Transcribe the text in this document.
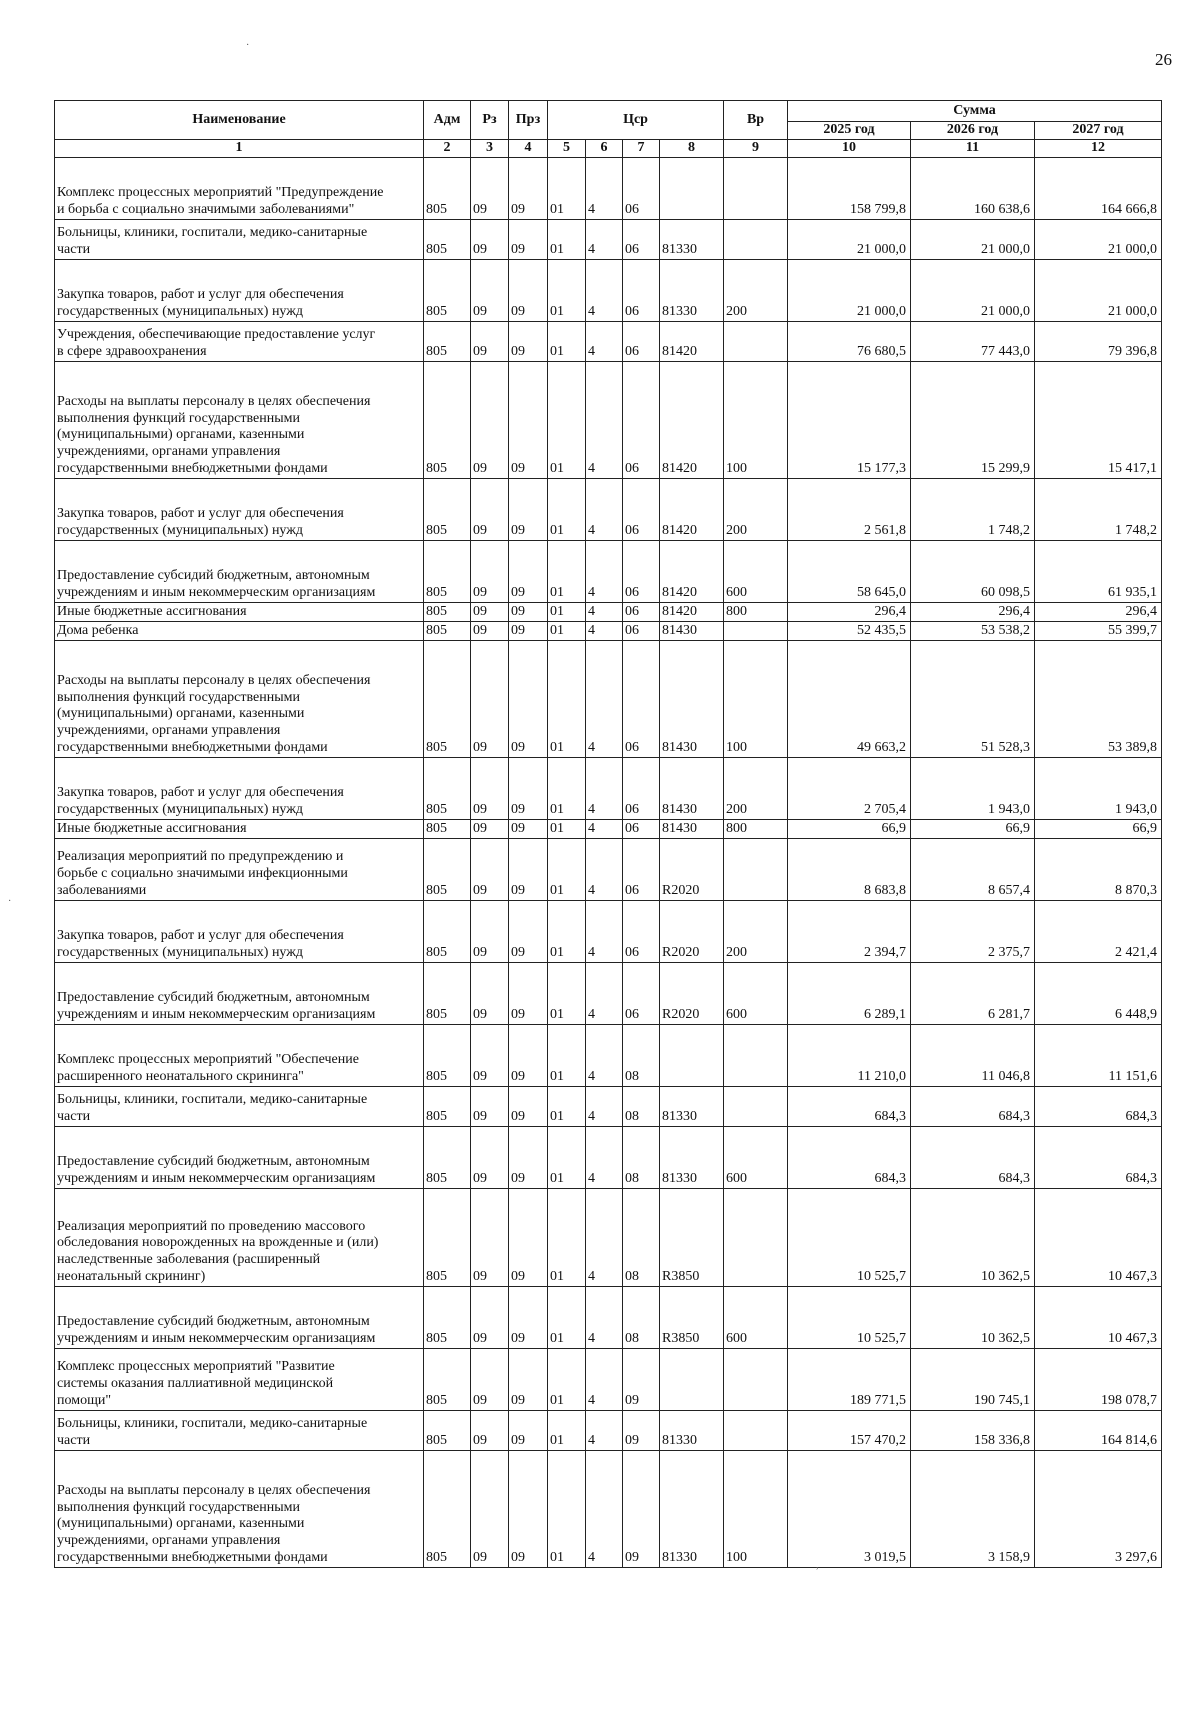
26
Наименование	Адм	Рз	Прз	Цср				Вр	Сумма		
									2025 год	2026 год	2027 год
1	2	3	4	5	6	7	8	9	10	11	12
Комплекс процессных мероприятий "Предупреждение
и борьба с социально значимыми заболеваниями"	805	09	09	01	4	06			158 799,8	160 638,6	164 666,8
Больницы, клиники, госпитали, медико-санитарные
части	805	09	09	01	4	06	81330		21 000,0	21 000,0	21 000,0
Закупка товаров, работ и услуг для обеспечения
государственных (муниципальных) нужд	805	09	09	01	4	06	81330	200	21 000,0	21 000,0	21 000,0
Учреждения, обеспечивающие предоставление услуг
в сфере здравоохранения	805	09	09	01	4	06	81420		76 680,5	77 443,0	79 396,8
Расходы на выплаты персоналу в целях обеспечения
выполнения функций государственными
(муниципальными) органами, казенными
учреждениями, органами управления
государственными внебюджетными фондами	805	09	09	01	4	06	81420	100	15 177,3	15 299,9	15 417,1
Закупка товаров, работ и услуг для обеспечения
государственных (муниципальных) нужд	805	09	09	01	4	06	81420	200	2 561,8	1 748,2	1 748,2
Предоставление субсидий бюджетным, автономным
учреждениям и иным некоммерческим организациям	805	09	09	01	4	06	81420	600	58 645,0	60 098,5	61 935,1
Иные бюджетные ассигнования	805	09	09	01	4	06	81420	800	296,4	296,4	296,4
Дома ребенка	805	09	09	01	4	06	81430		52 435,5	53 538,2	55 399,7
Расходы на выплаты персоналу в целях обеспечения
выполнения функций государственными
(муниципальными) органами, казенными
учреждениями, органами управления
государственными внебюджетными фондами	805	09	09	01	4	06	81430	100	49 663,2	51 528,3	53 389,8
Закупка товаров, работ и услуг для обеспечения
государственных (муниципальных) нужд	805	09	09	01	4	06	81430	200	2 705,4	1 943,0	1 943,0
Иные бюджетные ассигнования	805	09	09	01	4	06	81430	800	66,9	66,9	66,9
Реализация мероприятий по предупреждению и
борьбе с социально значимыми инфекционными
заболеваниями	805	09	09	01	4	06	R2020		8 683,8	8 657,4	8 870,3
Закупка товаров, работ и услуг для обеспечения
государственных (муниципальных) нужд	805	09	09	01	4	06	R2020	200	2 394,7	2 375,7	2 421,4
Предоставление субсидий бюджетным, автономным
учреждениям и иным некоммерческим организациям	805	09	09	01	4	06	R2020	600	6 289,1	6 281,7	6 448,9
Комплекс процессных мероприятий "Обеспечение
расширенного неонатального скрининга"	805	09	09	01	4	08			11 210,0	11 046,8	11 151,6
Больницы, клиники, госпитали, медико-санитарные
части	805	09	09	01	4	08	81330		684,3	684,3	684,3
Предоставление субсидий бюджетным, автономным
учреждениям и иным некоммерческим организациям	805	09	09	01	4	08	81330	600	684,3	684,3	684,3
Реализация мероприятий по проведению массового
обследования новорожденных на врожденные и (или)
наследственные заболевания (расширенный
неонатальный скрининг)	805	09	09	01	4	08	R3850		10 525,7	10 362,5	10 467,3
Предоставление субсидий бюджетным, автономным
учреждениям и иным некоммерческим организациям	805	09	09	01	4	08	R3850	600	10 525,7	10 362,5	10 467,3
Комплекс процессных мероприятий "Развитие
системы оказания паллиативной медицинской
помощи"	805	09	09	01	4	09			189 771,5	190 745,1	198 078,7
Больницы, клиники, госпитали, медико-санитарные
части	805	09	09	01	4	09	81330		157 470,2	158 336,8	164 814,6
Расходы на выплаты персоналу в целях обеспечения
выполнения функций государственными
(муниципальными) органами, казенными
учреждениями, органами управления
государственными внебюджетными фондами	805	09	09	01	4	09	81330	100	3 019,5	3 158,9	3 297,6
·
·
,
